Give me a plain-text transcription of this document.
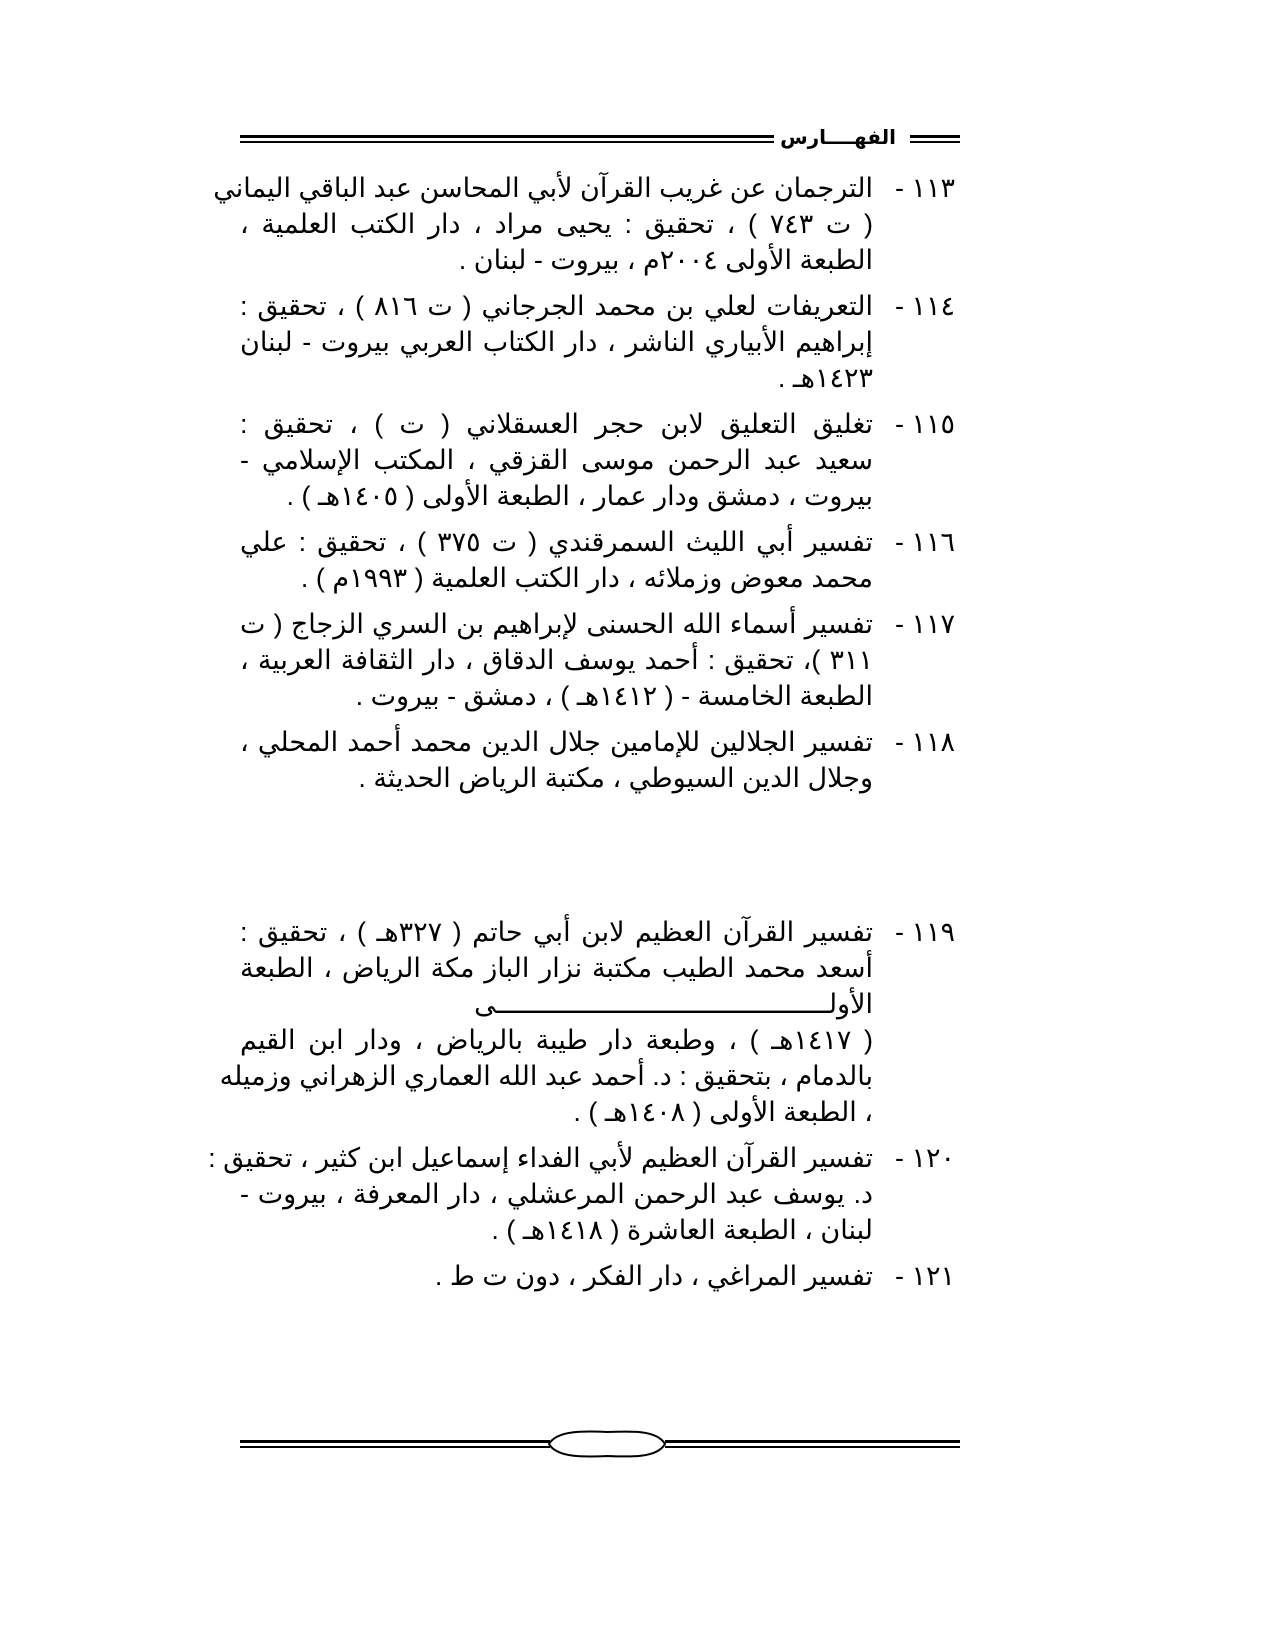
الفهــــارس
١١٣ -
الترجمان عن غريب القرآن لأبي المحاسن عبد الباقي اليماني
( ت ٧٤٣ ) ، تحقيق : يحيى مراد ، دار الكتب العلمية ،
الطبعة الأولى ٢٠٠٤م ، بيروت - لبنان .
١١٤ -
التعريفات لعلي بن محمد الجرجاني ( ت ٨١٦ ) ، تحقيق :
إبراهيم الأبياري الناشر ، دار الكتاب العربي بيروت - لبنان
١٤٢٣هـ .
١١٥ -
تغليق التعليق لابن حجر العسقلاني ( ت ) ، تحقيق :
سعيد عبد الرحمن موسى القزقي ، المكتب الإسلامي -
بيروت ، دمشق ودار عمار ، الطبعة الأولى ( ١٤٠٥هـ ) .
١١٦ -
تفسير أبي الليث السمرقندي ( ت ٣٧٥ ) ، تحقيق : علي
محمد معوض وزملائه ، دار الكتب العلمية ( ١٩٩٣م ) .
١١٧ -
تفسير أسماء الله الحسنى لإبراهيم بن السري الزجاج ( ت
٣١١ )، تحقيق : أحمد يوسف الدقاق ، دار الثقافة العربية ،
الطبعة الخامسة - ( ١٤١٢هـ ) ، دمشق - بيروت .
١١٨ -
تفسير الجلالين للإمامين جلال الدين محمد أحمد المحلي ،
وجلال الدين السيوطي ، مكتبة الرياض الحديثة .
١١٩ -
تفسير القرآن العظيم لابن أبي حاتم ( ٣٢٧هـ ) ، تحقيق :
أسعد محمد الطيب مكتبة نزار الباز مكة الرياض ، الطبعة
الأولــــــــــــــــــــــــــــــــــــــــــى
( ١٤١٧هـ ) ، وطبعة دار طيبة بالرياض ، ودار ابن القيم
بالدمام ، بتحقيق : د. أحمد عبد الله العماري الزهراني وزميله
، الطبعة الأولى ( ١٤٠٨هـ ) .
١٢٠ -
تفسير القرآن العظيم لأبي الفداء إسماعيل ابن كثير ، تحقيق :
د. يوسف عبد الرحمن المرعشلي ، دار المعرفة ، بيروت -
لبنان ، الطبعة العاشرة ( ١٤١٨هـ ) .
١٢١ -
تفسير المراغي ، دار الفكر ، دون ت ط .
